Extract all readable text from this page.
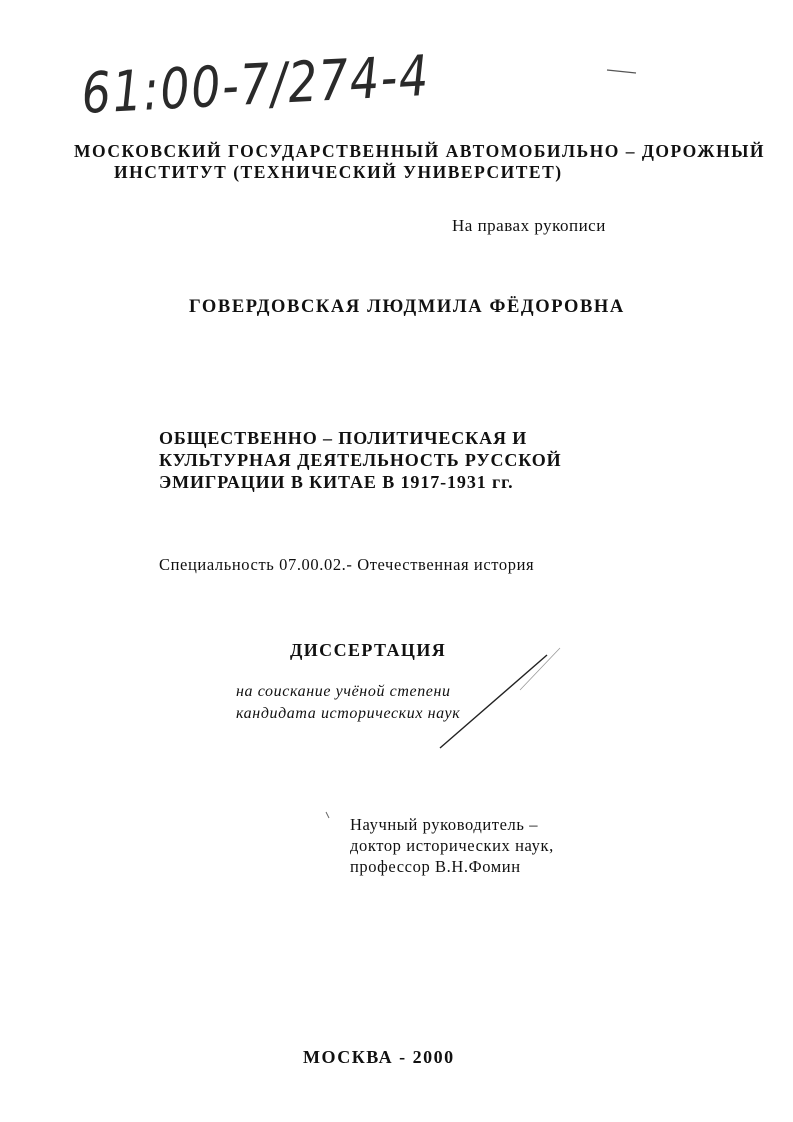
61:00-7/274-4
МОСКОВСКИЙ ГОСУДАРСТВЕННЫЙ АВТОМОБИЛЬНО – ДОРОЖНЫЙ
ИНСТИТУТ (ТЕХНИЧЕСКИЙ УНИВЕРСИТЕТ)
На правах рукописи
ГОВЕРДОВСКАЯ ЛЮДМИЛА ФЁДОРОВНА
ОБЩЕСТВЕННО – ПОЛИТИЧЕСКАЯ И
КУЛЬТУРНАЯ ДЕЯТЕЛЬНОСТЬ РУССКОЙ
ЭМИГРАЦИИ В КИТАЕ В 1917-1931 гг.
Специальность 07.00.02.- Отечественная история
ДИССЕРТАЦИЯ
на соискание учёной степени
кандидата исторических наук
Научный руководитель –
доктор исторических наук,
профессор В.Н.Фомин
МОСКВА - 2000
